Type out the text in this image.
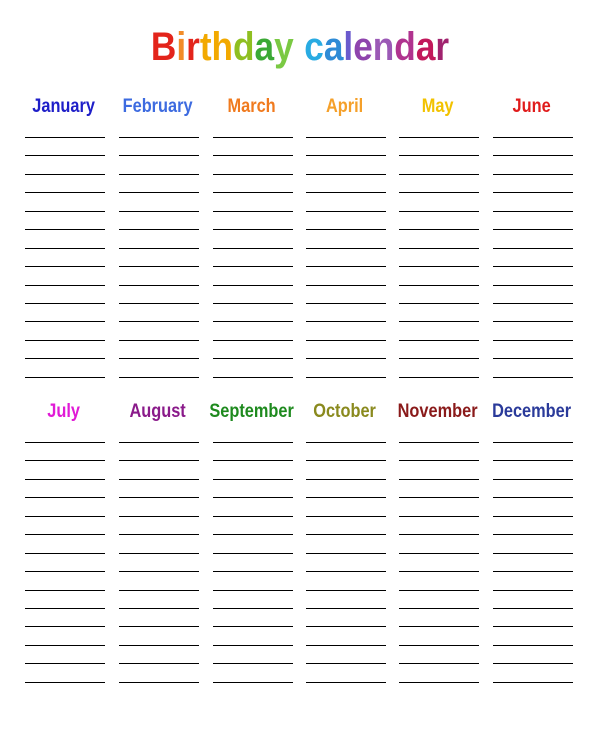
Birthday calendar
January	February	March	April	May	June
July	August	September	October	November December
